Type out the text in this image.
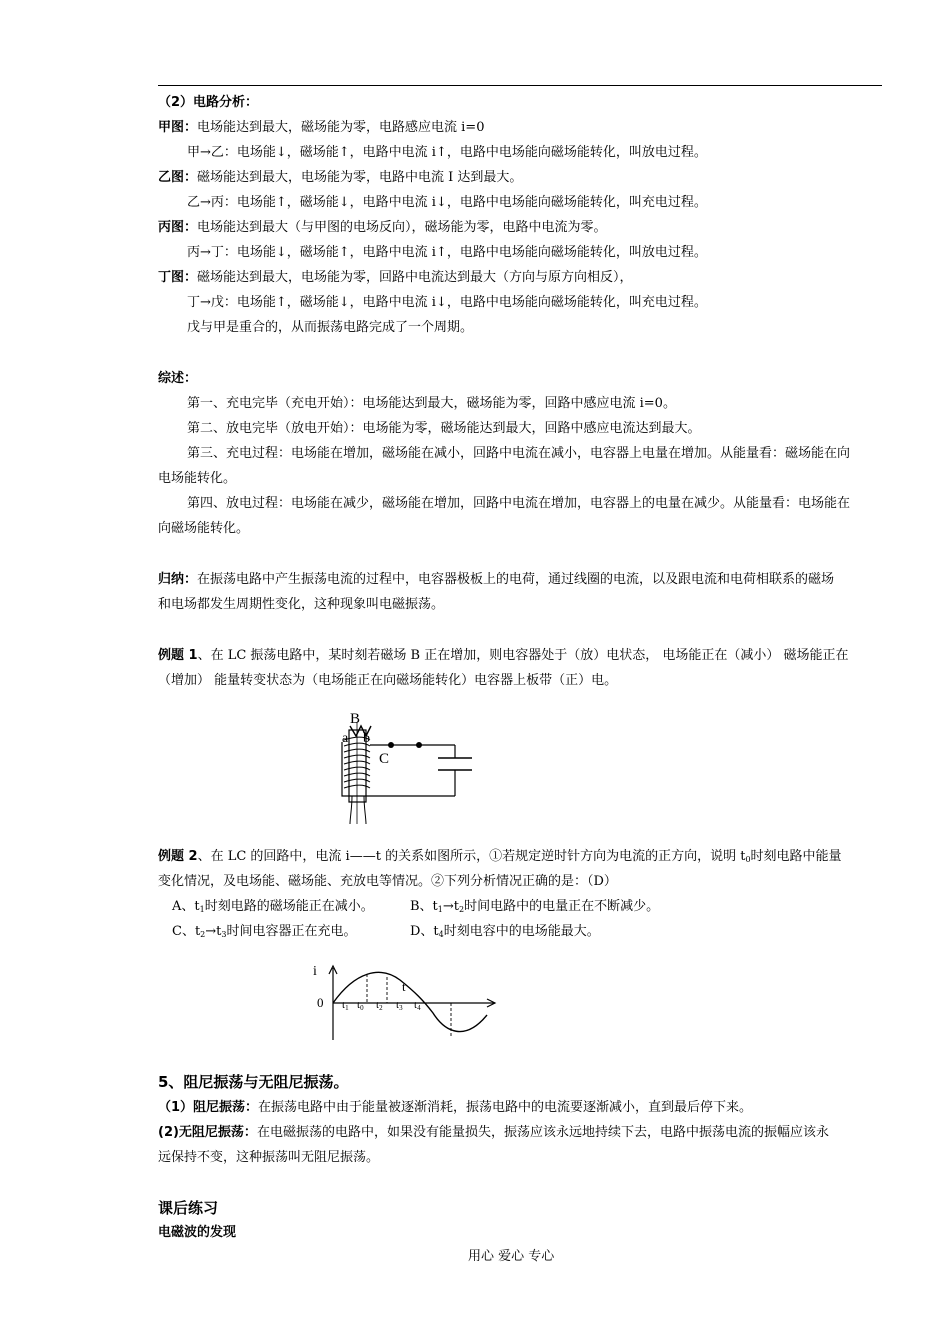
（2）电路分析：
甲图：电场能达到最大，磁场能为零，电路感应电流 i=0
甲→乙：电场能↓，磁场能↑，电路中电流 i↑，电路中电场能向磁场能转化，叫放电过程。
乙图：磁场能达到最大，电场能为零，电路中电流 I 达到最大。
乙→丙：电场能↑，磁场能↓，电路中电流 i↓，电路中电场能向磁场能转化，叫充电过程。
丙图：电场能达到最大（与甲图的电场反向），磁场能为零，电路中电流为零。
丙→丁：电场能↓，磁场能↑，电路中电流 i↑，电路中电场能向磁场能转化，叫放电过程。
丁图：磁场能达到最大，电场能为零，回路中电流达到最大（方向与原方向相反），
丁→戊：电场能↑，磁场能↓，电路中电流 i↓，电路中电场能向磁场能转化，叫充电过程。
戊与甲是重合的，从而振荡电路完成了一个周期。
综述：
第一、充电完毕（充电开始）：电场能达到最大，磁场能为零，回路中感应电流 i=0。
第二、放电完毕（放电开始）：电场能为零，磁场能达到最大，回路中感应电流达到最大。
第三、充电过程：电场能在增加，磁场能在减小，回路中电流在减小，电容器上电量在增加。从能量看：磁场能在向
电场能转化。
第四、放电过程：电场能在减少，磁场能在增加，回路中电流在增加，电容器上的电量在减少。从能量看：电场能在
向磁场能转化。
归纳：在振荡电路中产生振荡电流的过程中，电容器极板上的电荷，通过线圈的电流，以及跟电流和电荷相联系的磁场
和电场都发生周期性变化，这种现象叫电磁振荡。
例题 1、在 LC 振荡电路中，某时刻若磁场 B 正在增加，则电容器处于（放）电状态， 电场能正在（减小） 磁场能正在
（增加） 能量转变状态为（电场能正在向磁场能转化）电容器上板带（正）电。
B
a b
C
例题 2、在 LC 的回路中，电流 i——t 的关系如图所示，①若规定逆时针方向为电流的正方向，说明 $t_0$时刻电路中能量
变化情况，及电场能、磁场能、充放电等情况。②下列分析情况正确的是：（D）
A、$t_1$时刻电路的磁场能正在减小。	B、$t_1\to t_2$时间电路中的电量正在不断减少。
C、$t_2\to t_3$时间电容器正在充电。	D、$t_4$时刻电容中的电场能最大。
i
0
t
t1 t0 t2 t3 t4
5、阻尼振荡与无阻尼振荡。
（1）阻尼振荡：在振荡电路中由于能量被逐渐消耗，振荡电路中的电流要逐渐减小，直到最后停下来。
(2)无阻尼振荡：在电磁振荡的电路中，如果没有能量损失，振荡应该永远地持续下去，电路中振荡电流的振幅应该永
远保持不变，这种振荡叫无阻尼振荡。
课后练习
电磁波的发现
用心 爱心 专心
